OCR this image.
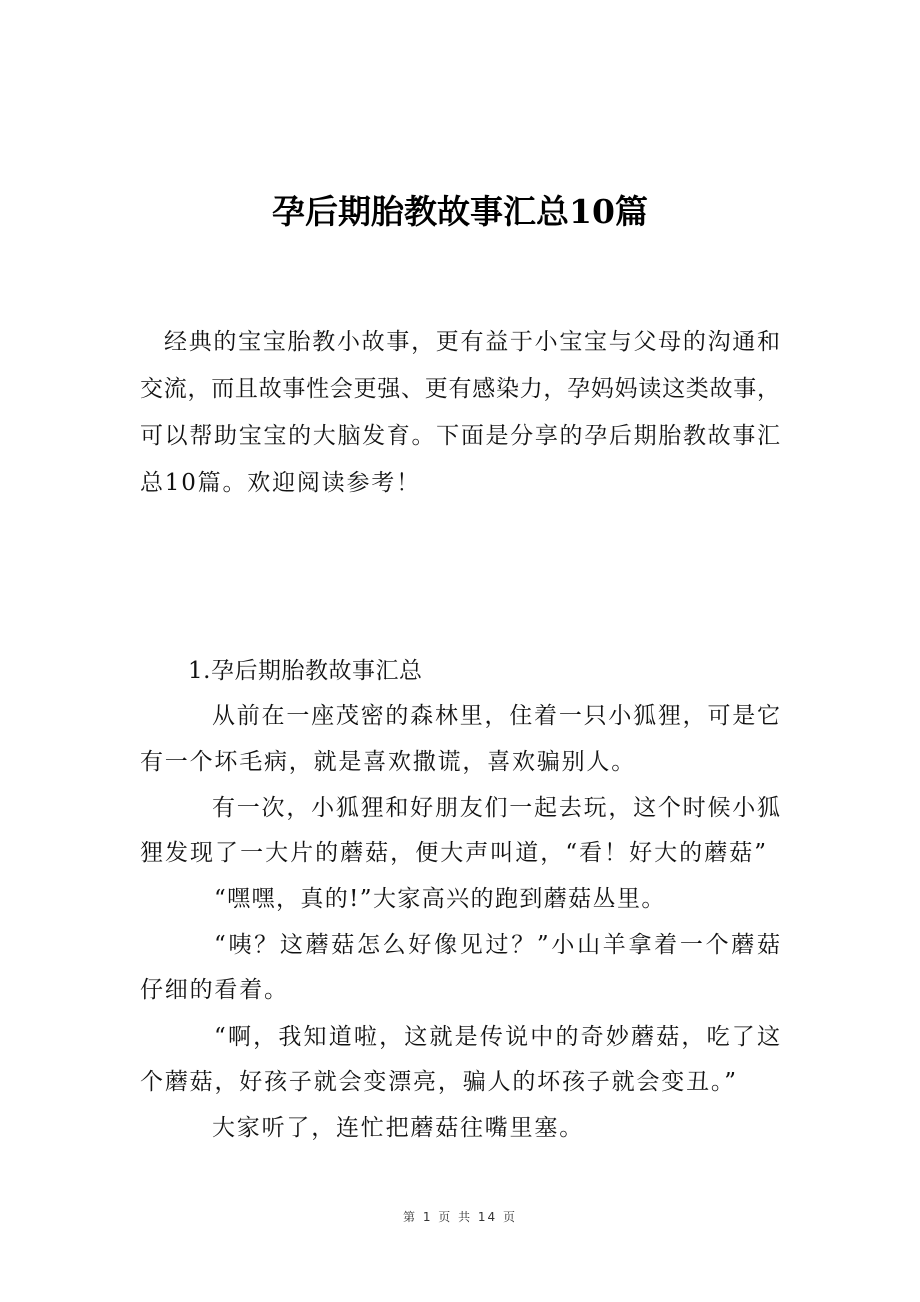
孕后期胎教故事汇总10篇
经典的宝宝胎教小故事，更有益于小宝宝与父母的沟通和
交流，而且故事性会更强、更有感染力，孕妈妈读这类故事，
可以帮助宝宝的大脑发育。下面是分享的孕后期胎教故事汇
总10篇。欢迎阅读参考！
1.孕后期胎教故事汇总
从前在一座茂密的森林里，住着一只小狐狸，可是它
有一个坏毛病，就是喜欢撒谎，喜欢骗别人。
有一次，小狐狸和好朋友们一起去玩，这个时候小狐
狸发现了一大片的蘑菇，便大声叫道，“看！好大的蘑菇”
“嘿嘿，真的!”大家高兴的跑到蘑菇丛里。
“咦？这蘑菇怎么好像见过？”小山羊拿着一个蘑菇
仔细的看着。
“啊，我知道啦，这就是传说中的奇妙蘑菇，吃了这
个蘑菇，好孩子就会变漂亮，骗人的坏孩子就会变丑。”
大家听了，连忙把蘑菇往嘴里塞。
第 1 页 共 14 页
